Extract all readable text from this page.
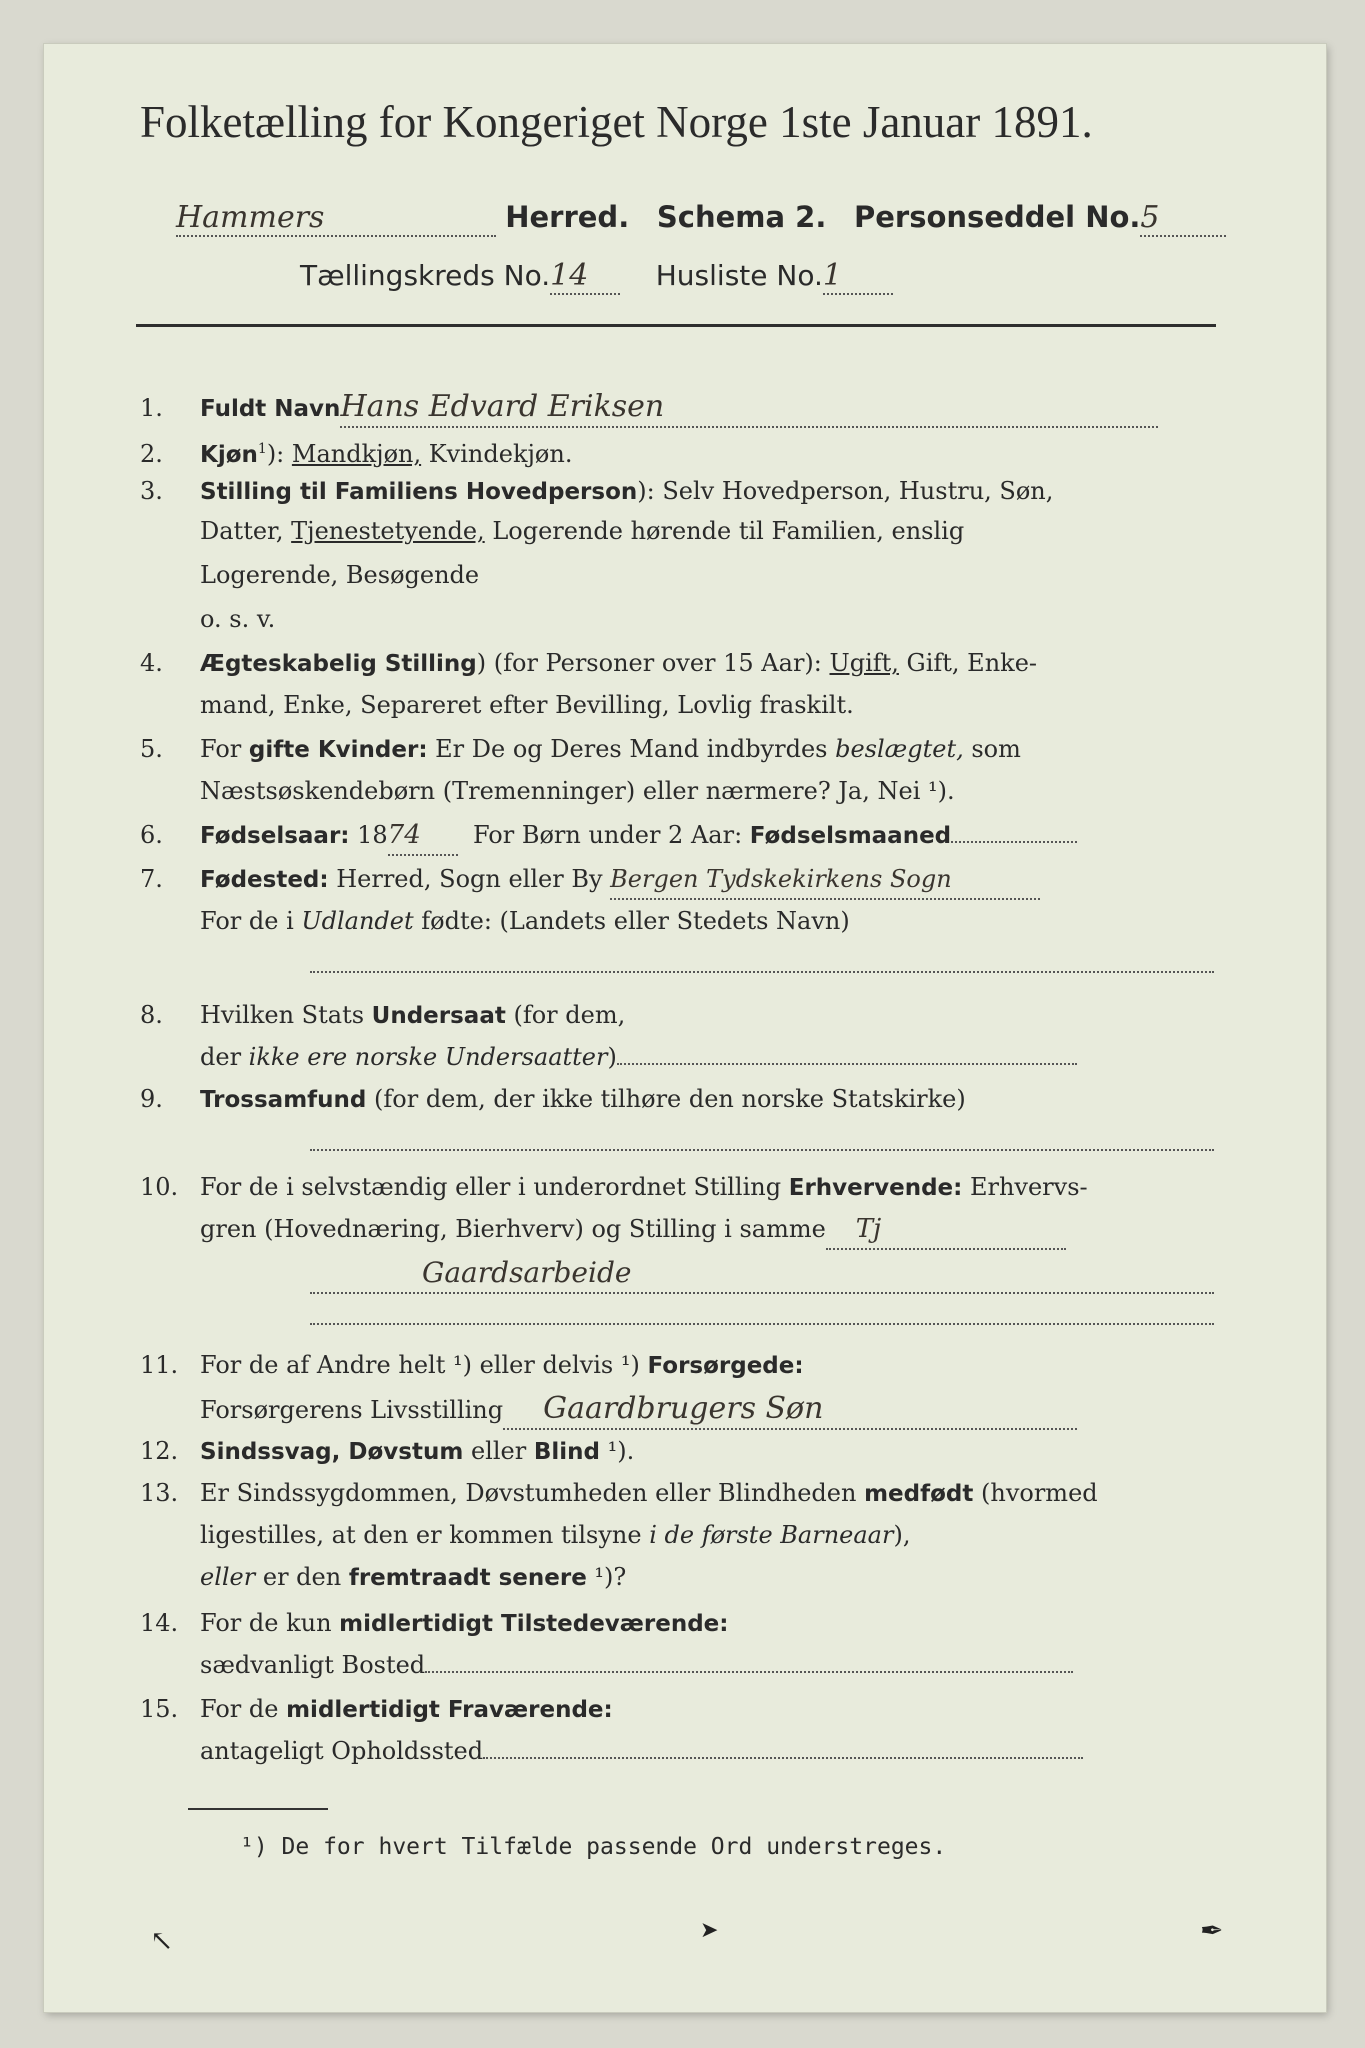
Folketælling for Kongeriget Norge 1ste Januar 1891.
Hammers	Herred. Schema 2. Personseddel No.5
Tællingskreds No.14 Husliste No.1
1. Fuldt NavnHans Edvard Eriksen
2. Kjøn$^1$): Mandkjøn, Kvindekjøn.
3. Stilling til Familiens Hovedperson): Selv Hovedperson, Hustru, Søn,
Datter, Tjenestetyende, Logerende hørende til Familien, enslig
Logerende, Besøgende
o. s. v.
4. Ægteskabelig Stilling) (for Personer over 15 Aar): Ugift, Gift, Enke-
mand, Enke, Separeret efter Bevilling, Lovlig fraskilt.
5. For gifte Kvinder: Er De og Deres Mand indbyrdes beslægtet, som
Næstsøskendebørn (Tremenninger) eller nærmere? Ja, Nei ¹).
6. Fødselsaar: 1874 For Børn under 2 Aar: Fødselsmaaned
7. Fødested: Herred, Sogn eller By Bergen Tydskekirkens Sogn
For de i Udlandet fødte: (Landets eller Stedets Navn)
8. Hvilken Stats Undersaat (for dem,
der ikke ere norske Undersaatter)
9. Trossamfund (for dem, der ikke tilhøre den norske Statskirke)
10. For de i selvstændig eller i underordnet Stilling Erhvervende: Erhvervs-
gren (Hovednæring, Bierhverv) og Stilling i samme Tj
Gaardsarbeide
11. For de af Andre helt ¹) eller delvis ¹) Forsørgede:
Forsørgerens Livsstilling Gaardbrugers Søn
12. Sindssvag, Døvstum eller Blind ¹).
13. Er Sindssygdommen, Døvstumheden eller Blindheden medfødt (hvormed
ligestilles, at den er kommen tilsyne i de første Barneaar),
eller er den fremtraadt senere ¹)?
14. For de kun midlertidigt Tilstedeværende:
sædvanligt Bosted
15. For de midlertidigt Fraværende:
antageligt Opholdssted
¹) De for hvert Tilfælde passende Ord understreges.
↖	➤	✒
